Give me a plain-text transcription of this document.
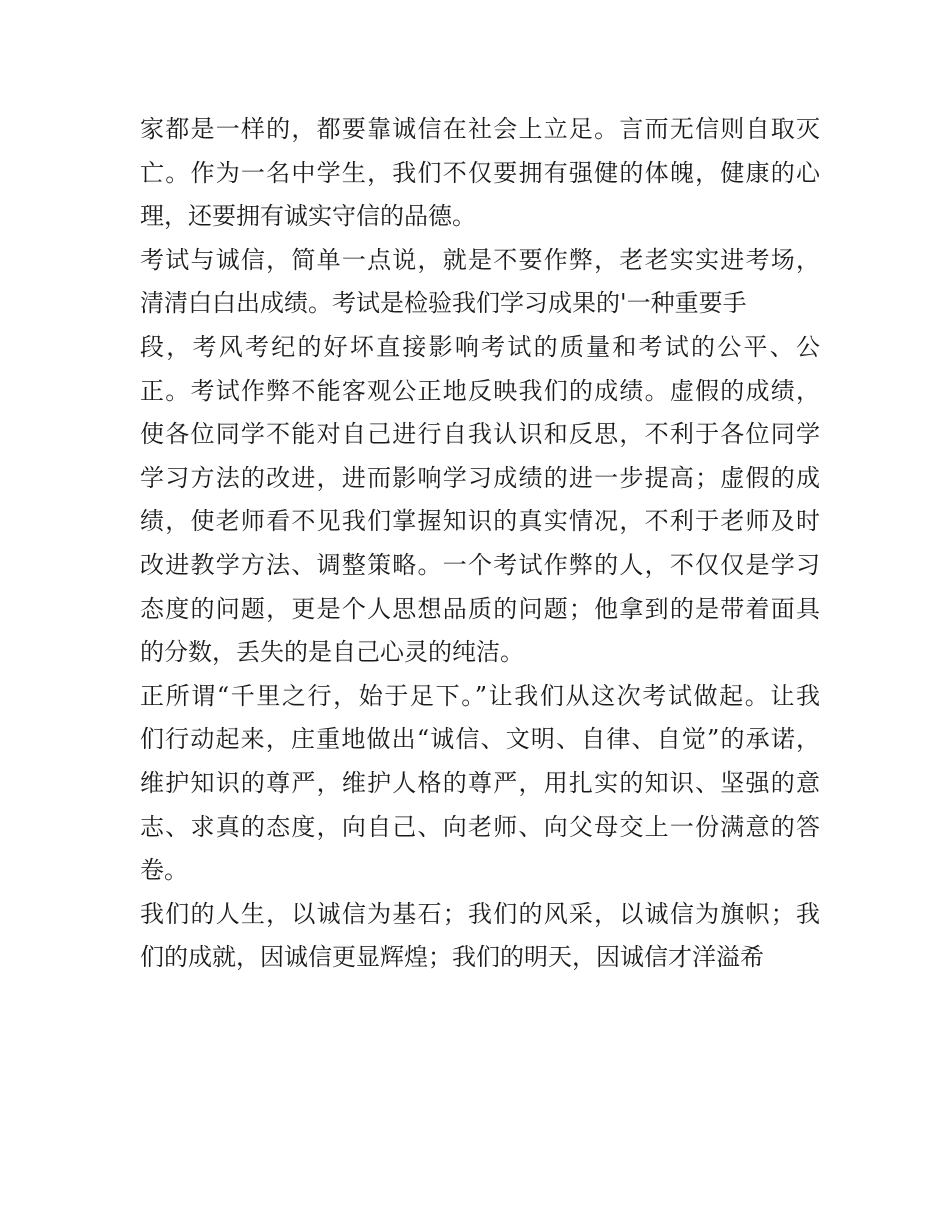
家都是一样的，都要靠诚信在社会上立足。言而无信则自取灭
亡。作为一名中学生，我们不仅要拥有强健的体魄，健康的心
理，还要拥有诚实守信的品德。
考试与诚信，简单一点说，就是不要作弊，老老实实进考场，
清清白白出成绩。考试是检验我们学习成果的'一种重要手
段，考风考纪的好坏直接影响考试的质量和考试的公平、公
正。考试作弊不能客观公正地反映我们的成绩。虚假的成绩，
使各位同学不能对自己进行自我认识和反思，不利于各位同学
学习方法的改进，进而影响学习成绩的进一步提高；虚假的成
绩，使老师看不见我们掌握知识的真实情况，不利于老师及时
改进教学方法、调整策略。一个考试作弊的人，不仅仅是学习
态度的问题，更是个人思想品质的问题；他拿到的是带着面具
的分数，丢失的是自己心灵的纯洁。
正所谓“千里之行，始于足下。”让我们从这次考试做起。让我
们行动起来，庄重地做出“诚信、文明、自律、自觉”的承诺，
维护知识的尊严，维护人格的尊严，用扎实的知识、坚强的意
志、求真的态度，向自己、向老师、向父母交上一份满意的答
卷。
我们的人生，以诚信为基石；我们的风采，以诚信为旗帜；我
们的成就，因诚信更显辉煌；我们的明天，因诚信才洋溢希
